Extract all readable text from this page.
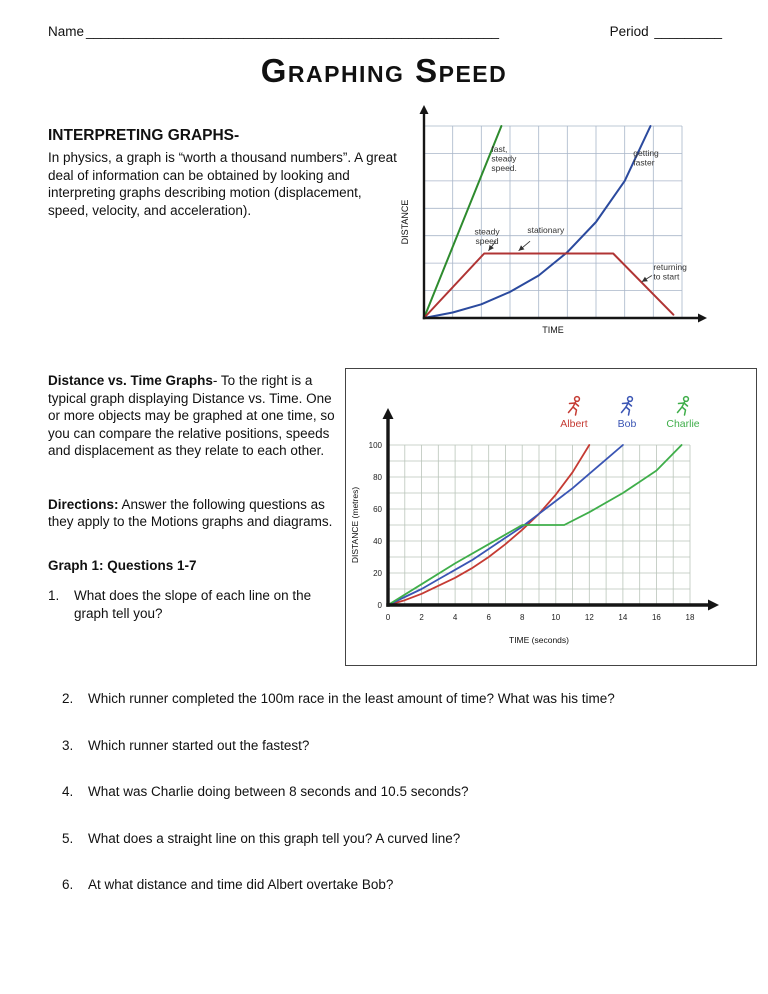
Name _______________________________________________________	Period _________
Graphing Speed
INTERPRETING GRAPHS-

In physics, a graph is “worth a thousand numbers”. A great deal of information can be obtained by looking and interpreting graphs describing motion (displacement, speed, velocity, and acceleration).

TIME
DISTANCE
fast, steady speed.
getting faster
steady speed
stationary
returning to start

Distance vs. Time Graphs- To the right is a typical graph displaying Distance vs. Time. One or more objects may be graphed at one time, so you can compare the relative positions, speeds and displacement as they relate to each other.

Directions: Answer the following questions as they apply to the Motions graphs and diagrams.

Graph 1: Questions 1-7

1.	What does the slope of each line on the graph tell you?	0	2	4	6	8	10	12	14	16	18
0
20
40
60
80
100
TIME (seconds)
DISTANCE (metres)
Albert	Bob	Charlie
2.	Which runner completed the 100m race in the least amount of time? What was his time?
3.	Which runner started out the fastest?
4.	What was Charlie doing between 8 seconds and 10.5 seconds?
5.	What does a straight line on this graph tell you? A curved line?
6.	At what distance and time did Albert overtake Bob?
